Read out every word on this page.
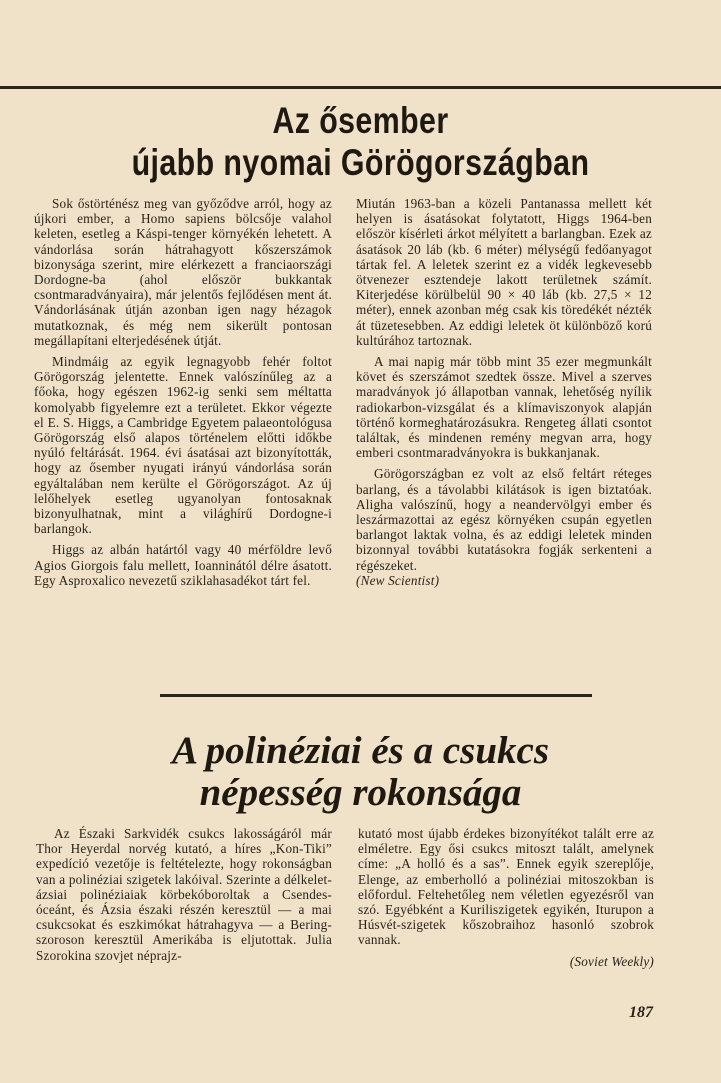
Az ősember
újabb nyomai Görögországban

Sok őstörténész meg van győződve arról, hogy az újkori ember, a Homo sapiens bölcsője valahol keleten, esetleg a Káspi-tenger környékén lehetett. A vándorlása során hátrahagyott kőszerszámok bizonysága szerint, mire elérkezett a franciaországi Dordogne-ba (ahol először bukkantak csontmaradványaira), már jelentős fejlődésen ment át. Vándorlásának útján azonban igen nagy hézagok mutatkoznak, és még nem sikerült pontosan megállapítani elterjedésének útját.

Mindmáig az egyik legnagyobb fehér foltot Görögország jelentette. Ennek valószínűleg az a főoka, hogy egészen 1962-ig senki sem méltatta komolyabb figyelemre ezt a területet. Ekkor végezte el E. S. Higgs, a Cambridge Egyetem palaeontológusa Görögország első alapos történelem előtti időkbe nyúló feltárását. 1964. évi ásatásai azt bizonyították, hogy az ősember nyugati irányú vándorlása során egyáltalában nem kerülte el Görögországot. Az új lelőhelyek esetleg ugyanolyan fontosaknak bizonyulhatnak, mint a világhírű Dordogne-i barlangok.

Higgs az albán határtól vagy 40 mérföldre levő Agios Giorgois falu mellett, Ioanninától délre ásatott. Egy Asproxalico nevezetű sziklahasadékot tárt fel.

Miután 1963-ban a közeli Pantanassa mellett két helyen is ásatásokat folytatott, Higgs 1964-ben először kísérleti árkot mélyített a barlangban. Ezek az ásatások 20 láb (kb. 6 méter) mélységű fedőanyagot tártak fel. A leletek szerint ez a vidék legkevesebb ötvenezer esztendeje lakott területnek számít. Kiterjedése körülbelül 90 × 40 láb (kb. 27,5 × 12 méter), ennek azonban még csak kis töredékét nézték át tüzetesebben. Az eddigi leletek öt különböző korú kultúrához tartoznak.

A mai napig már több mint 35 ezer megmunkált követ és szerszámot szedtek össze. Mivel a szerves maradványok jó állapotban vannak, lehetőség nyílik radiokarbon-vizsgálat és a klímaviszonyok alapján történő kormeghatározásukra. Rengeteg állati csontot találtak, és mindenen remény megvan arra, hogy emberi csontmaradványokra is bukkanjanak.

Görögországban ez volt az első feltárt réteges barlang, és a távolabbi kilátások is igen biztatóak. Aligha valószínű, hogy a neandervölgyi ember és leszármazottai az egész környéken csupán egyetlen barlangot laktak volna, és az eddigi leletek minden bizonnyal további kutatásokra fogják serkenteni a régészeket.

(New Scientist)
A polinéziai és a csukcs
népesség rokonsága

Az Északi Sarkvidék csukcs lakosságáról már Thor Heyerdal norvég kutató, a híres „Kon-Tiki” expedíció vezetője is feltételezte, hogy rokonságban van a polinéziai szigetek lakóival. Szerinte a délkelet-ázsiai polinéziaiak körbekóboroltak a Csendes-óceánt, és Ázsia északi részén keresztül — a mai csukcsokat és eszkimókat hátrahagyva — a Bering-szoroson keresztül Amerikába is eljutottak. Julia Szorokina szovjet néprajz-

kutató most újabb érdekes bizonyítékot talált erre az elméletre. Egy ősi csukcs mitoszt talált, amelynek címe: „A holló és a sas”. Ennek egyik szereplője, Elenge, az emberholló a polinéziai mitoszokban is előfordul. Feltehetőleg nem véletlen egyezésről van szó. Egyébként a Kuriliszigetek egyikén, Iturupon a Húsvét-szigetek kőszobraihoz hasonló szobrok vannak.

(Soviet Weekly)
187
